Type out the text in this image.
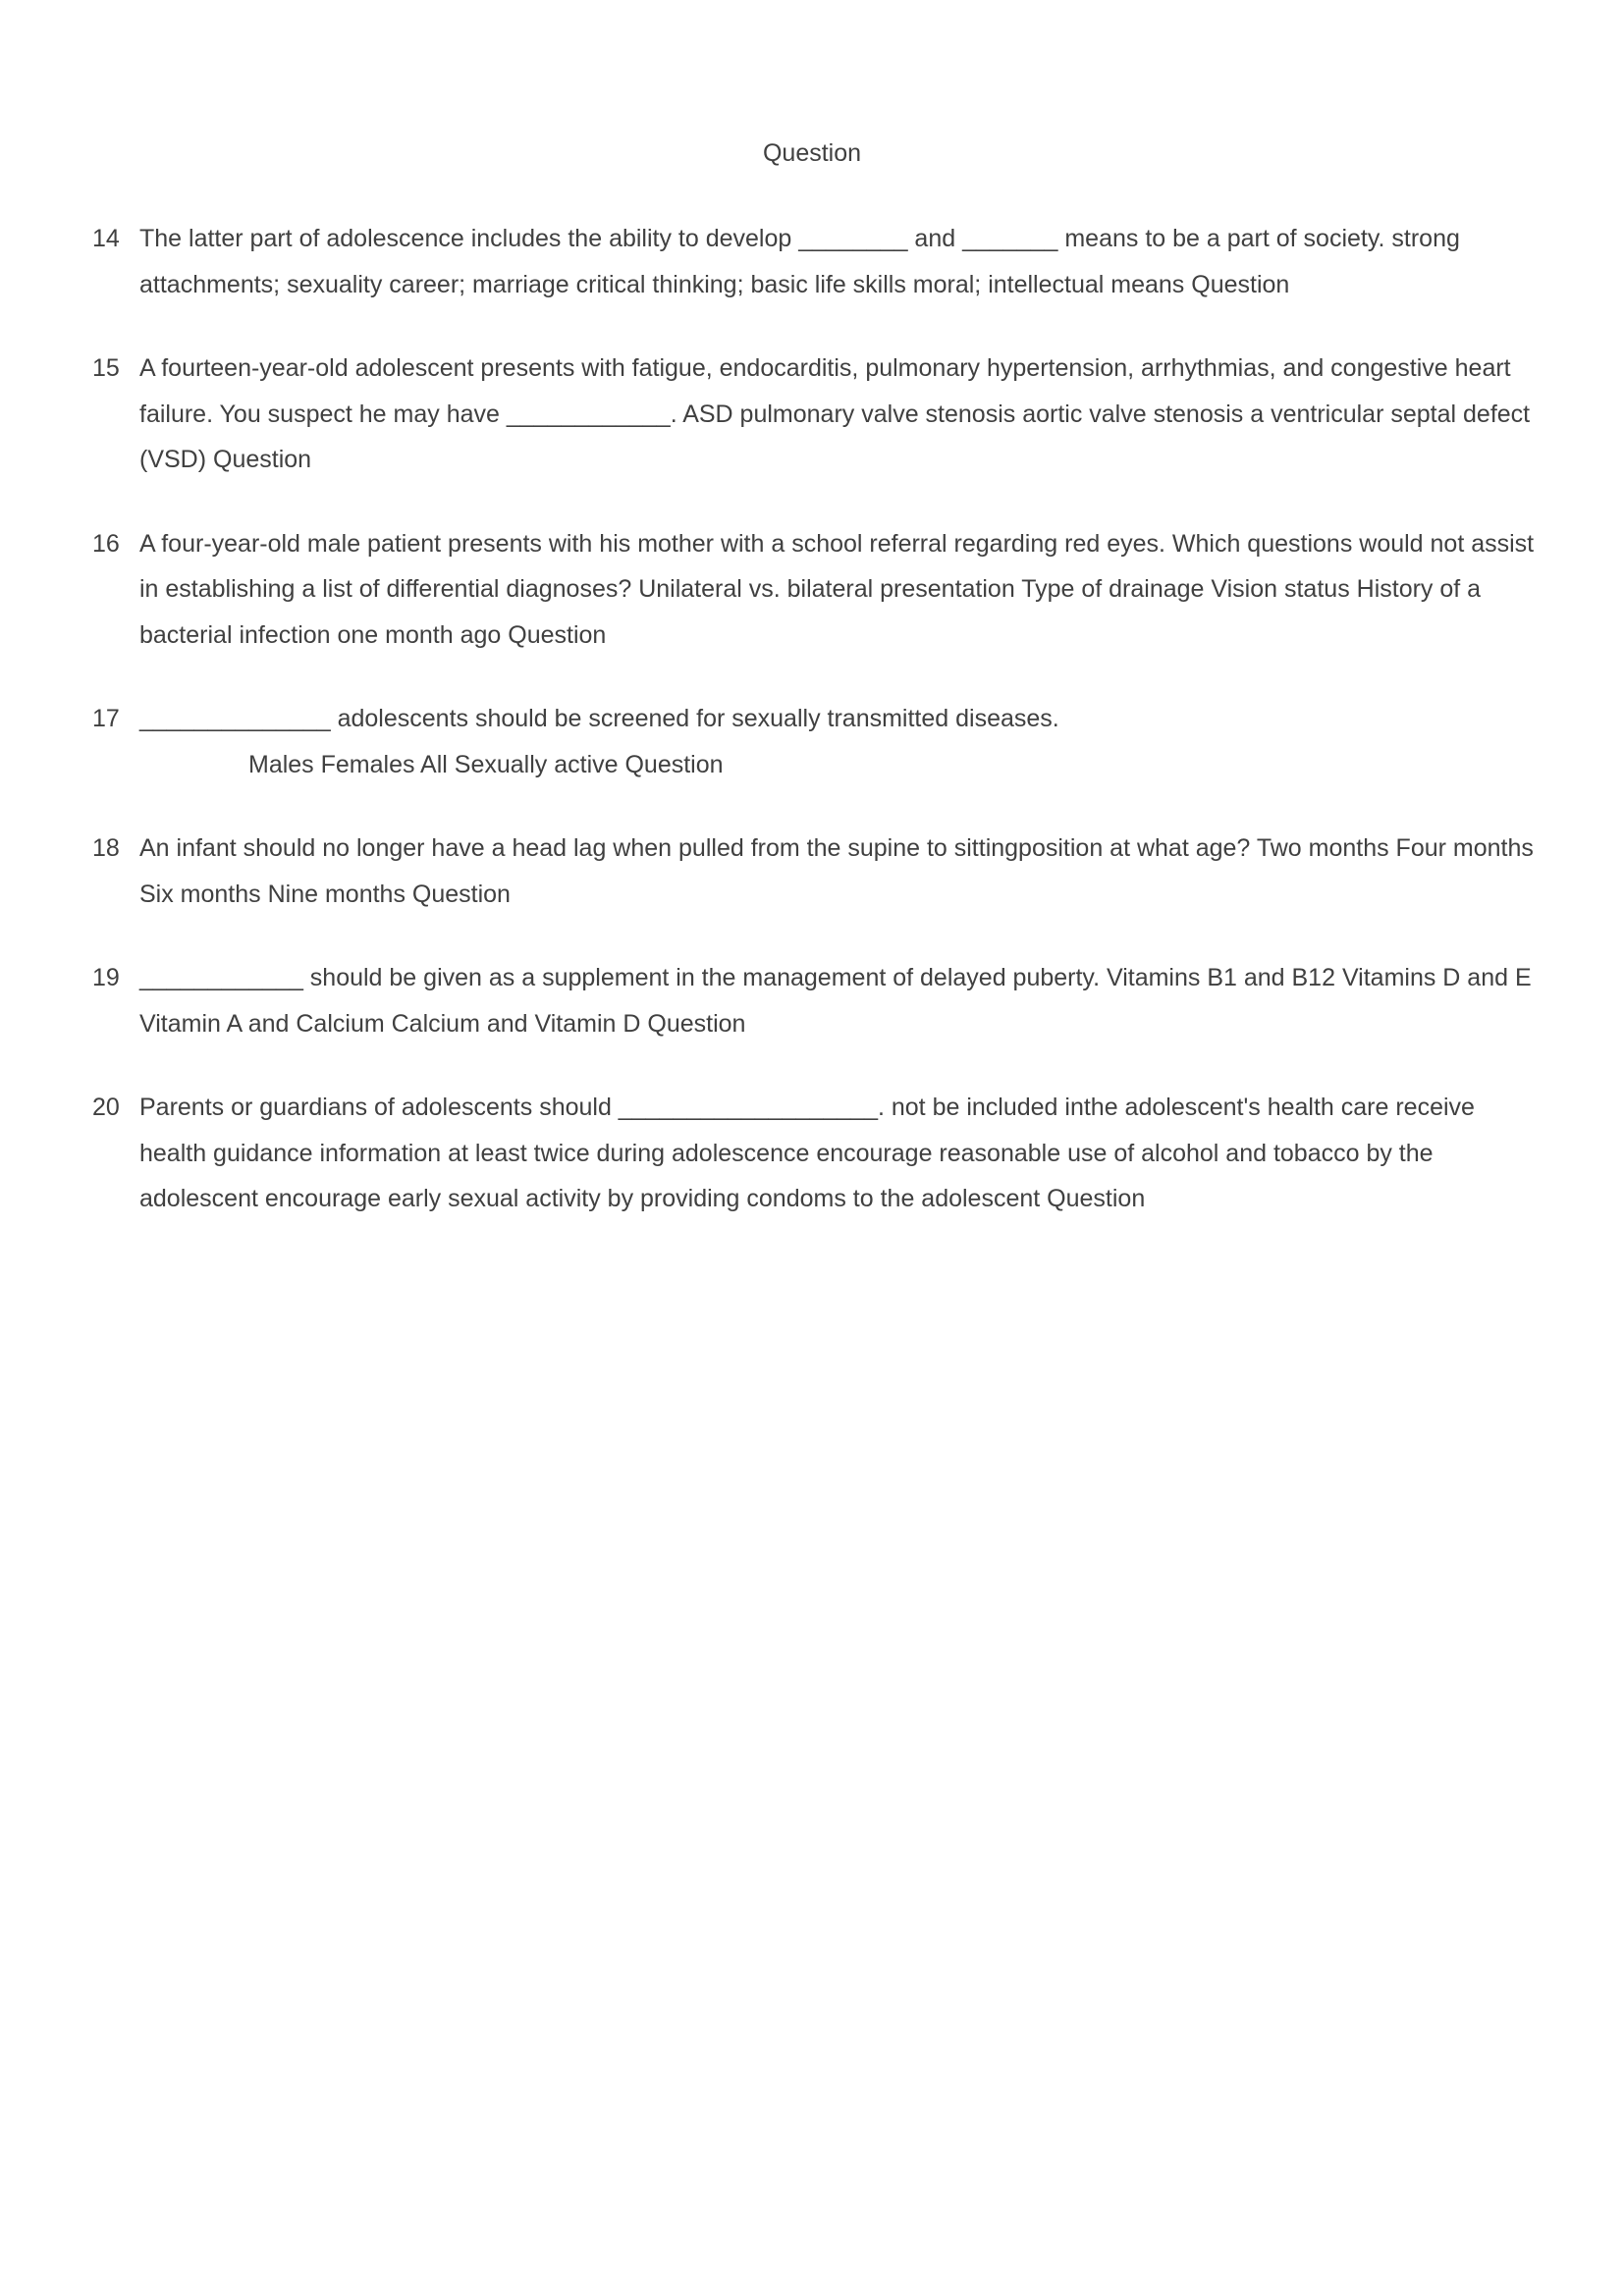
Question
14 The latter part of adolescence includes the ability to develop ________ and _______ means to be a part of society. strong attachments; sexuality career; marriage critical thinking; basic life skills moral; intellectual means Question
15 A fourteen-year-old adolescent presents with fatigue, endocarditis, pulmonary hypertension, arrhythmias, and congestive heart failure. You suspect he may have ____________. ASD pulmonary valve stenosis aortic valve stenosis a ventricular septal defect (VSD) Question
16 A four-year-old male patient presents with his mother with a school referral regarding red eyes. Which questions would not assist in establishing a list of differential diagnoses? Unilateral vs. bilateral presentation Type of drainage Vision status History of a bacterial infection one month ago Question
17 ______________ adolescents should be screened for sexually transmitted diseases.
Males Females All Sexually active Question
18 An infant should no longer have a head lag when pulled from the supine to sittingposition at what age? Two months Four months Six months Nine months Question
19 ____________ should be given as a supplement in the management of delayed puberty. Vitamins B1 and B12 Vitamins D and E Vitamin A and Calcium Calcium and Vitamin D Question
20 Parents or guardians of adolescents should ___________________. not be included inthe adolescent's health care receive health guidance information at least twice during adolescence encourage reasonable use of alcohol and tobacco by the adolescent encourage early sexual activity by providing condoms to the adolescent Question
